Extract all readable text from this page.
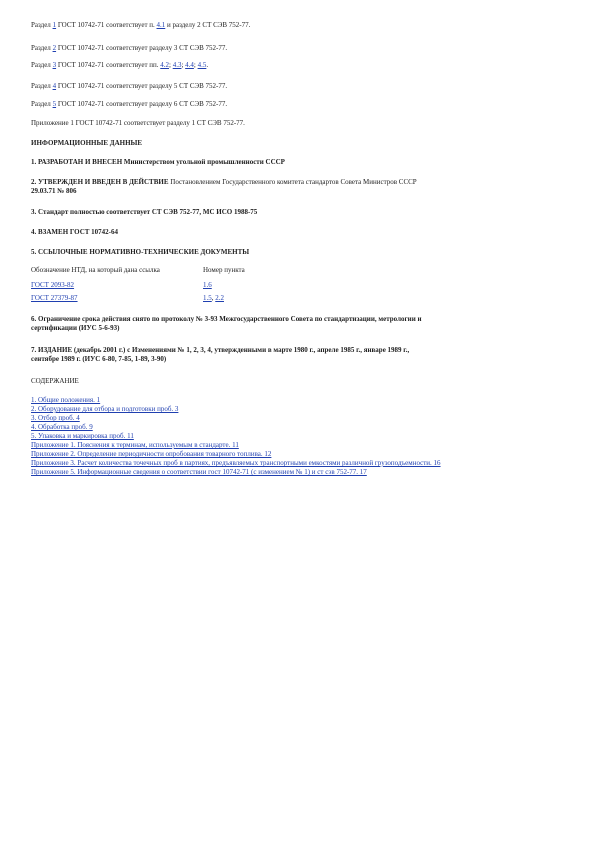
Раздел 1 ГОСТ 10742-71 соответствует п. 4.1 и разделу 2 СТ СЭВ 752-77.
Раздел 2 ГОСТ 10742-71 соответствует разделу 3 СТ СЭВ 752-77.
Раздел 3 ГОСТ 10742-71 соответствует пп. 4.2; 4.3; 4.4; 4.5.
Раздел 4 ГОСТ 10742-71 соответствует разделу 5 СТ СЭВ 752-77.
Раздел 5 ГОСТ 10742-71 соответствует разделу 6 СТ СЭВ 752-77.
Приложение 1 ГОСТ 10742-71 соответствует разделу 1 СТ СЭВ 752-77.
ИНФОРМАЦИОННЫЕ ДАННЫЕ
1. РАЗРАБОТАН И ВНЕСЕН Министерством угольной промышленности СССР
2. УТВЕРЖДЕН И ВВЕДЕН В ДЕЙСТВИЕ Постановлением Государственного комитета стандартов Совета Министров СССР
29.03.71 № 806
3. Стандарт полностью соответствует СТ СЭВ 752-77, МС ИСО 1988-75
4. ВЗАМЕН ГОСТ 10742-64
5. ССЫЛОЧНЫЕ НОРМАТИВНО-ТЕХНИЧЕСКИЕ ДОКУМЕНТЫ
Обозначение НТД, на который дана ссылка	Номер пункта
ГОСТ 2093-82	1.6
ГОСТ 27379-87	1.5, 2.2
6. Ограничение срока действия снято по протоколу № 3-93 Межгосударственного Совета по стандартизации, метрологии и
сертификации (ИУС 5-6-93)
7. ИЗДАНИЕ (декабрь 2001 г.) с Изменениями № 1, 2, 3, 4, утвержденными в марте 1980 г., апреле 1985 г., январе 1989 г.,
сентябре 1989 г. (ИУС 6-80, 7-85, 1-89, 3-90)
СОДЕРЖАНИЕ
1. Общие положения. 1
2. Оборудование для отбора и подготовки проб. 3
3. Отбор проб. 4
4. Обработка проб. 9
5. Упаковка и маркировка проб. 11
Приложение 1. Пояснения к терминам, используемым в стандарте. 11
Приложение 2. Определение периодичности опробования товарного топлива. 12
Приложение 3. Расчет количества точечных проб в партиях, предъявляемых транспортными емкостями различной грузоподъемности. 16
Приложение 5. Информационные сведения о соответствии гост 10742-71 (с изменением № 1) и ст сэв 752-77. 17
